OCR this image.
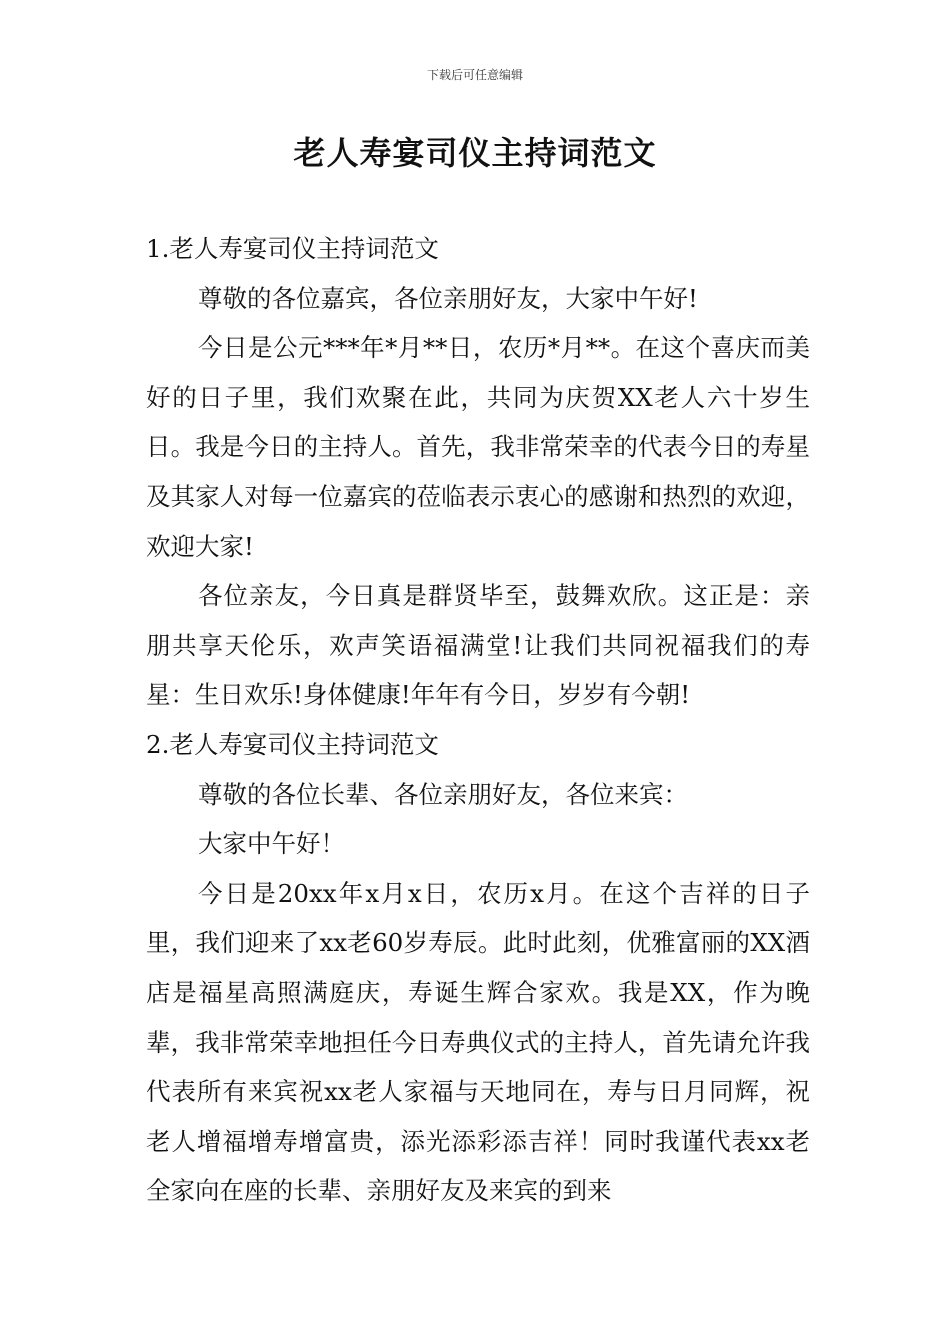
下载后可任意编辑
老人寿宴司仪主持词范文

1.老人寿宴司仪主持词范文

尊敬的各位嘉宾，各位亲朋好友，大家中午好!

今日是公元***年*月**日，农历*月**。在这个喜庆而美好的日子里，我们欢聚在此，共同为庆贺XX老人六十岁生日。我是今日的主持人。首先，我非常荣幸的代表今日的寿星及其家人对每一位嘉宾的莅临表示衷心的感谢和热烈的欢迎，欢迎大家!

各位亲友，今日真是群贤毕至，鼓舞欢欣。这正是：亲朋共享天伦乐，欢声笑语福满堂!让我们共同祝福我们的寿星：生日欢乐!身体健康!年年有今日，岁岁有今朝!

2.老人寿宴司仪主持词范文

尊敬的各位长辈、各位亲朋好友，各位来宾：

大家中午好！

今日是20xx年x月x日，农历x月。在这个吉祥的日子里，我们迎来了xx老60岁寿辰。此时此刻，优雅富丽的XX酒店是福星高照满庭庆，寿诞生辉合家欢。我是XX，作为晚辈，我非常荣幸地担任今日寿典仪式的主持人，首先请允许我代表所有来宾祝xx老人家福与天地同在，寿与日月同辉，祝老人增福增寿增富贵，添光添彩添吉祥！同时我谨代表xx老全家向在座的长辈、亲朋好友及来宾的到来
